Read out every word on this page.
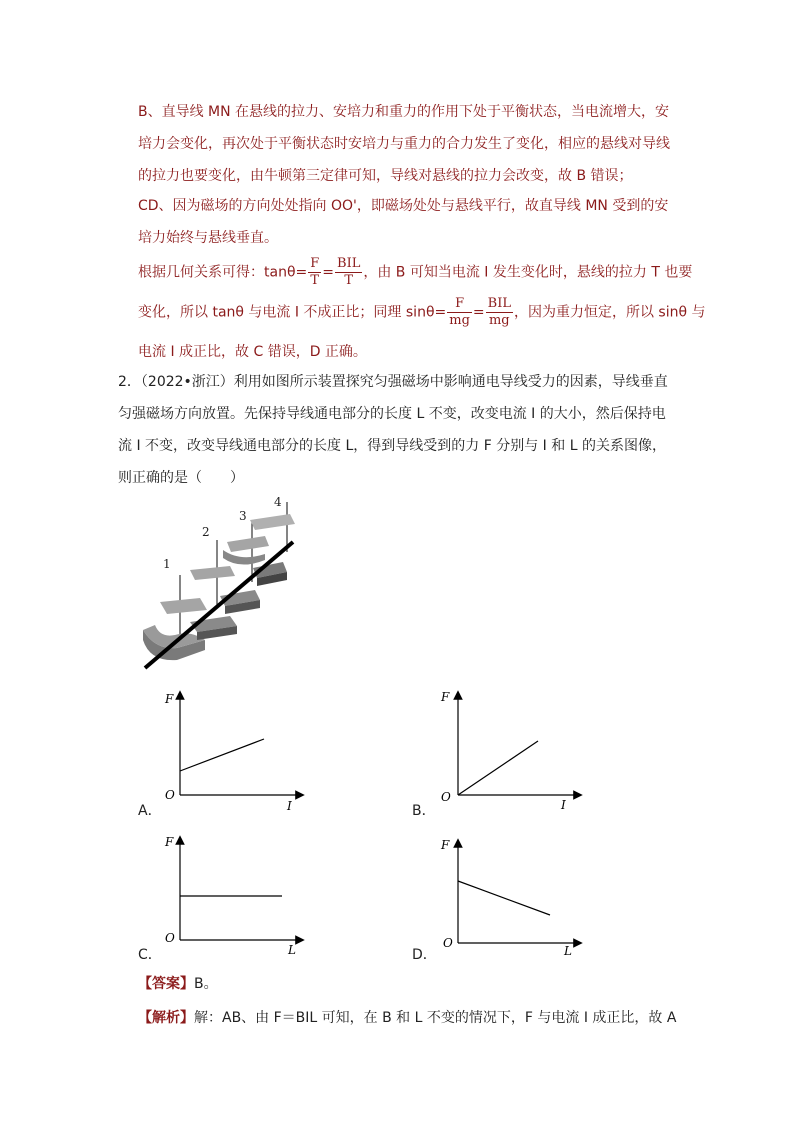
B、直导线 MN 在悬线的拉力、安培力和重力的作用下处于平衡状态，当电流增大，安培力会变化，再次处于平衡状态时安培力与重力的合力发生了变化，相应的悬线对导线的拉力也要变化，由牛顿第三定律可知，导线对悬线的拉力会改变，故 B 错误；
CD、因为磁场的方向处处指向 OO'，即磁场处处与悬线平行，故直导线 MN 受到的安培力始终与悬线垂直。
根据几何关系可得：$\tan\theta= \frac{F}{T} = \frac{\text{BIL}}{T}$ ，由 B 可知当电流 I 发生变化时，悬线的拉力 T 也要
变化，所以 tanθ 与电流 I 不成正比；同理 $\sin\theta= \frac{F}{mg} = \frac{\text{BIL}}{mg}$ ，因为重力恒定，所以 sinθ 与
电流 I 成正比，故 C 错误，D 正确。
2．（2022•浙江）利用如图所示装置探究匀强磁场中影响通电导线受力的因素，导线垂直匀强磁场方向放置。先保持导线通电部分的长度 L 不变，改变电流 I 的大小，然后保持电流 I 不变，改变导线通电部分的长度 L，得到导线受到的力 F 分别与 I 和 L 的关系图像，则正确的是（　　）
1
2
3
4
A．
F
I
O
B．
F
I
O
C．
F
L
O
D．
F
L
O
【答案】B。
【解析】解：AB、由 F＝BIL 可知，在 B 和 L 不变的情况下，F 与电流 I 成正比，故 A
